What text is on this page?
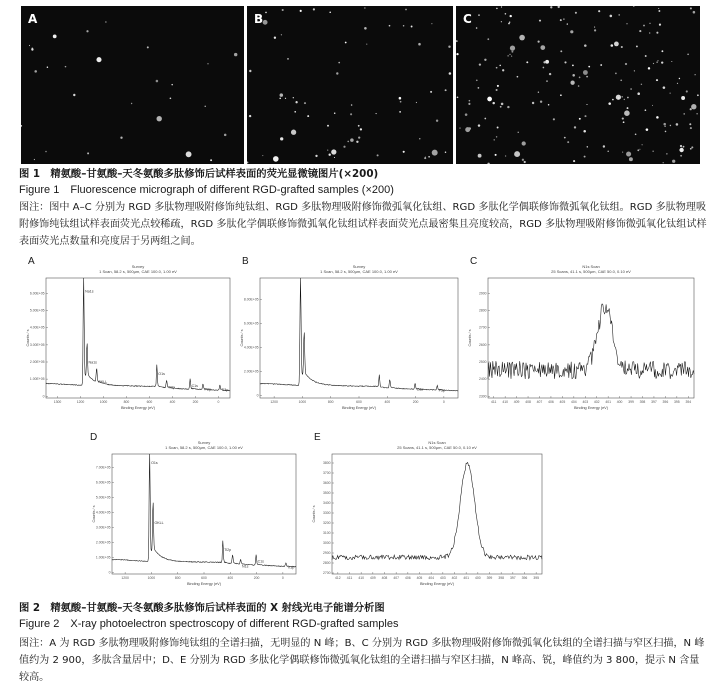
A	B	C
图 1　精氨酸–甘氨酸–天冬氨酸多肽修饰后试样表面的荧光显微镜图片(×200)
Figure 1　Fluorescence micrograph of different RGD-grafted samples (×200)
图注：图中 A–C 分别为 RGD 多肽物理吸附修饰纯钛组、RGD 多肽物理吸附修饰微弧氧化钛组、RGD 多肽化学偶联修饰微弧氧化钛组。RGD 多肽物理吸附修饰纯钛组试样表面荧光点较稀疏，RGD 多肽化学偶联修饰微弧氧化钛组试样表面荧光点最密集且亮度较高，RGD 多肽物理吸附修饰微弧氧化钛组试样表面荧光点数量和亮度居于另两组之间。
A	Survey
1 Scan, 58.2 s, 500µm, CAE 100.0, 1.00 eV
0
1.00E+05
2.00E+05
3.00E+05
4.00E+05
5.00E+05
6.00E+05
1300	1200	1000	800	600	400	200	0
Binding Energy (eV)
Counts / s
Na1s
Na1s
OKLL
O1s
Ti2p	C1s
P2p	Ti3p
B	Survey
1 Scan, 58.2 s, 500µm, CAE 100.0, 1.00 eV
0
2.00E+05
4.00E+05
6.00E+05
8.00E+05
1200	1000	800	600	400	200	0
Binding Energy (eV)
Counts / s
C1s	P2p
C	N1s Scan
25 Scans, 41.1 s, 500µm, CAE 50.0, 0.10 eV
2300
2400
2500
2600
2700
2800
2900
411 410 409 408 407 406 405 404 403 402 401 400 399 398 397 396 395 394
Binding Energy (eV)
Counts / s
D	Survey
1 Scan, 58.2 s, 500µm, CAE 100.0, 1.00 eV
0
1.00E+05
2.00E+05
3.00E+05
4.00E+05
5.00E+05
6.00E+05
7.00E+05
1200	1000	800	600	400	200	0
Binding Energy (eV)
Counts / s
O1s
OKLL
Ti2p
N1s
C1s
Ti3p
E	N1s Scan
25 Scans, 41.1 s, 500µm, CAE 50.0, 0.10 eV
2700
2800
2900
3000
3100
3200
3300
3400
3500
3600
3700
3800
412 411 410 409 408 407 406 405 404 403 402 401 400 399 398 397 396 395
Binding Energy (eV)
Counts / s
图 2　精氨酸–甘氨酸–天冬氨酸多肽修饰后试样表面的 X 射线光电子能谱分析图
Figure 2　X-ray photoelectron spectroscopy of different RGD-grafted samples
图注：A 为 RGD 多肽物理吸附修饰纯钛组的全谱扫描，无明显的 N 峰；B、C 分别为 RGD 多肽物理吸附修饰微弧氧化钛组的全谱扫描与窄区扫描，N 峰值约为 2 900，多肽含量居中；D、E 分别为 RGD 多肽化学偶联修饰微弧氧化钛组的全谱扫描与窄区扫描，N 峰高、锐，峰值约为 3 800，提示 N 含量较高。
